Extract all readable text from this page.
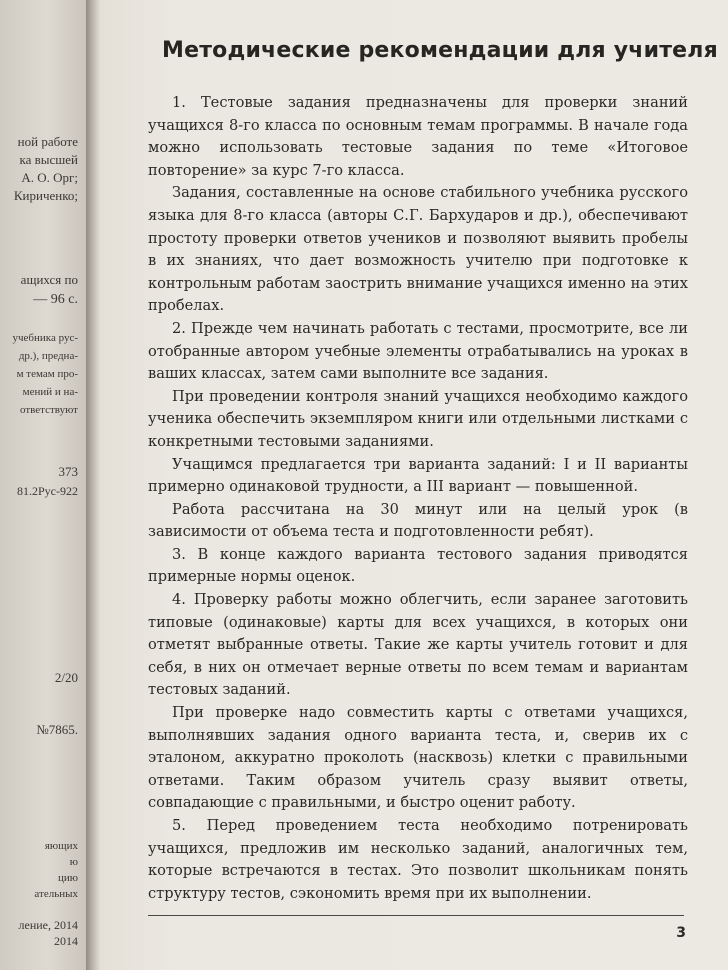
ной работе
ка высшей
А. О. Орг;
Кириченко;
ащихся по
— 96 с.
учебника рус-
др.), предна-
м темам про-
мений и на-
ответствуют
373
81.2Рус-922
2/20
№7865.
яющих
ю
цию
ательных
ление, 2014
2014
Методические рекомендации для учителя

1. Тестовые задания предназначены для проверки знаний учащихся 8-го класса по основным темам программы. В начале года можно использовать тестовые задания по теме «Итоговое повторение» за курс 7-го класса.

Задания, составленные на основе стабильного учебника русского языка для 8-го класса (авторы С.Г. Бархударов и др.), обеспечивают простоту проверки ответов учеников и позволяют выявить пробелы в их знаниях, что дает возможность учителю при подготовке к контрольным работам заострить внимание учащихся именно на этих пробелах.

2. Прежде чем начинать работать с тестами, просмотрите, все ли отобранные автором учебные элементы отрабатывались на уроках в ваших классах, затем сами выполните все задания.

При проведении контроля знаний учащихся необходимо каждого ученика обеспечить экземпляром книги или отдельными листками с конкретными тестовыми заданиями.

Учащимся предлагается три варианта заданий: I и II варианты примерно одинаковой трудности, а III вариант — повышенной.

Работа рассчитана на 30 минут или на целый урок (в зависимости от объема теста и подготовленности ребят).

3. В конце каждого варианта тестового задания приводятся примерные нормы оценок.

4. Проверку работы можно облегчить, если заранее заготовить типовые (одинаковые) карты для всех учащихся, в которых они отметят выбранные ответы. Такие же карты учитель готовит и для себя, в них он отмечает верные ответы по всем темам и вариантам тестовых заданий.

При проверке надо совместить карты с ответами учащихся, выполнявших задания одного варианта теста, и, сверив их с эталоном, аккуратно проколоть (насквозь) клетки с правильными ответами. Таким образом учитель сразу выявит ответы, совпадающие с правильными, и быстро оценит работу.

5. Перед проведением теста необходимо потренировать учащихся, предложив им несколько заданий, аналогичных тем, которые встречаются в тестах. Это позволит школьникам понять структуру тестов, сэкономить время при их выполнении.

3
